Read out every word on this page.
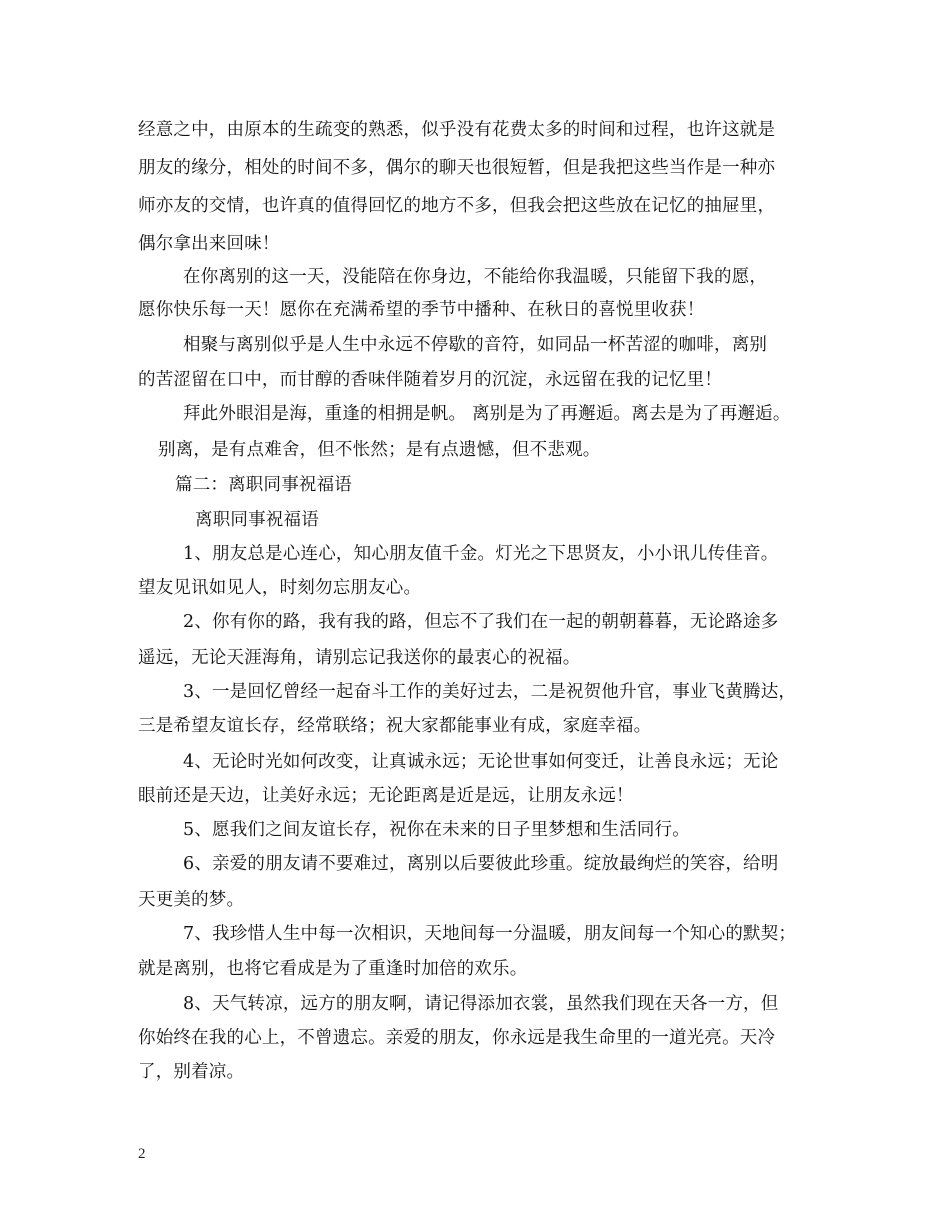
经意之中，由原本的生疏变的熟悉，似乎没有花费太多的时间和过程，也许这就是
朋友的缘分，相处的时间不多，偶尔的聊天也很短暂，但是我把这些当作是一种亦
师亦友的交情，也许真的值得回忆的地方不多，但我会把这些放在记忆的抽屉里，
偶尔拿出来回味！
在你离别的这一天，没能陪在你身边，不能给你我温暖，只能留下我的愿，
愿你快乐每一天！愿你在充满希望的季节中播种、在秋日的喜悦里收获！
相聚与离别似乎是人生中永远不停歇的音符，如同品一杯苦涩的咖啡，离别
的苦涩留在口中，而甘醇的香味伴随着岁月的沉淀，永远留在我的记忆里！
拜此外眼泪是海，重逢的相拥是帆。 离别是为了再邂逅。离去是为了再邂逅。
别离，是有点难舍，但不怅然；是有点遗憾，但不悲观。
篇二：离职同事祝福语
离职同事祝福语
1、朋友总是心连心，知心朋友值千金。灯光之下思贤友，小小讯儿传佳音。
望友见讯如见人，时刻勿忘朋友心。
2、你有你的路，我有我的路，但忘不了我们在一起的朝朝暮暮，无论路途多
遥远，无论天涯海角，请别忘记我送你的最衷心的祝福。
3、一是回忆曾经一起奋斗工作的美好过去，二是祝贺他升官，事业飞黄腾达，
三是希望友谊长存，经常联络；祝大家都能事业有成，家庭幸福。
4、无论时光如何改变，让真诚永远；无论世事如何变迁，让善良永远；无论
眼前还是天边，让美好永远；无论距离是近是远，让朋友永远！
5、愿我们之间友谊长存，祝你在未来的日子里梦想和生活同行。
6、亲爱的朋友请不要难过，离别以后要彼此珍重。绽放最绚烂的笑容，给明
天更美的梦。
7、我珍惜人生中每一次相识，天地间每一分温暖，朋友间每一个知心的默契；
就是离别，也将它看成是为了重逢时加倍的欢乐。
8、天气转凉，远方的朋友啊，请记得添加衣裳，虽然我们现在天各一方，但
你始终在我的心上，不曾遗忘。亲爱的朋友，你永远是我生命里的一道光亮。天冷
了，别着凉。
2
